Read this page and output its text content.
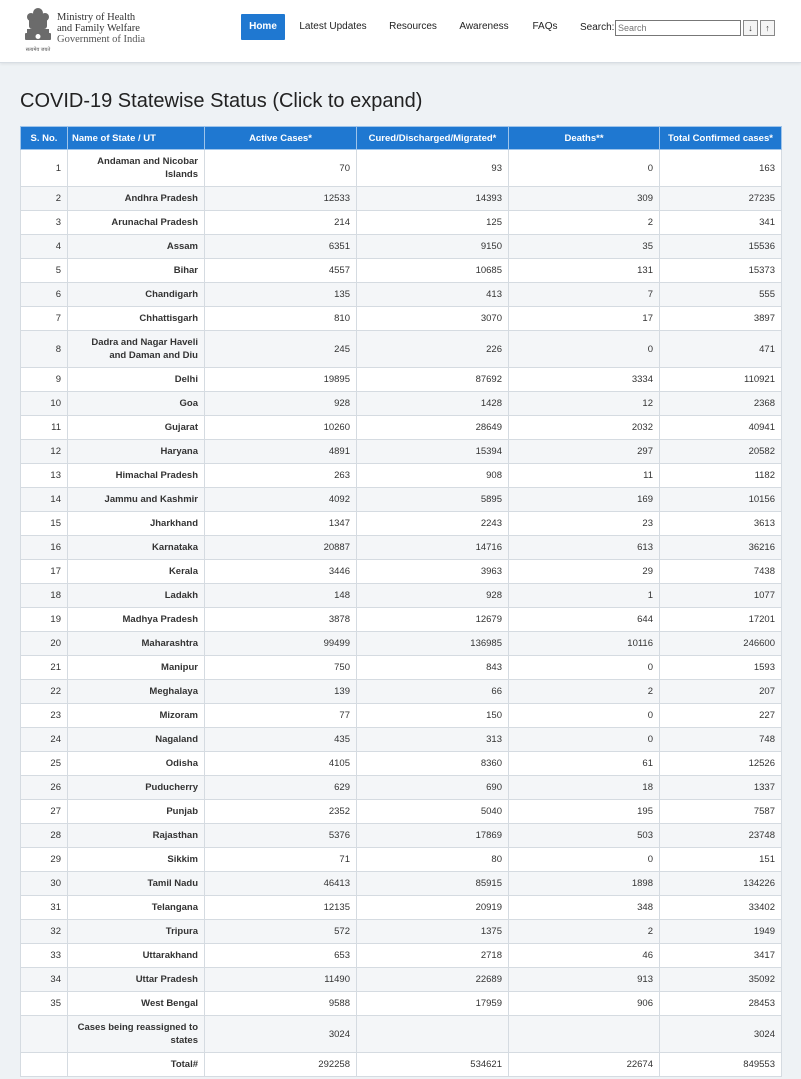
सत्यमेव जयते
Ministry of Health
and Family Welfare
Government of India
Home	Latest Updates	Resources	Awareness	FAQs	Search:
Search	↓	↑
COVID-19 Statewise Status (Click to expand)
S. No.	Name of State / UT	Active Cases*	Cured/Discharged/Migrated*	Deaths**	Total Confirmed cases*
1	Andaman and Nicobar Islands	70	93	0	163
2	Andhra Pradesh	12533	14393	309	27235
3	Arunachal Pradesh	214	125	2	341
4	Assam	6351	9150	35	15536
5	Bihar	4557	10685	131	15373
6	Chandigarh	135	413	7	555
7	Chhattisgarh	810	3070	17	3897
8	Dadra and Nagar Haveli and Daman and Diu	245	226	0	471
9	Delhi	19895	87692	3334	110921
10	Goa	928	1428	12	2368
11	Gujarat	10260	28649	2032	40941
12	Haryana	4891	15394	297	20582
13	Himachal Pradesh	263	908	11	1182
14	Jammu and Kashmir	4092	5895	169	10156
15	Jharkhand	1347	2243	23	3613
16	Karnataka	20887	14716	613	36216
17	Kerala	3446	3963	29	7438
18	Ladakh	148	928	1	1077
19	Madhya Pradesh	3878	12679	644	17201
20	Maharashtra	99499	136985	10116	246600
21	Manipur	750	843	0	1593
22	Meghalaya	139	66	2	207
23	Mizoram	77	150	0	227
24	Nagaland	435	313	0	748
25	Odisha	4105	8360	61	12526
26	Puducherry	629	690	18	1337
27	Punjab	2352	5040	195	7587
28	Rajasthan	5376	17869	503	23748
29	Sikkim	71	80	0	151
30	Tamil Nadu	46413	85915	1898	134226
31	Telangana	12135	20919	348	33402
32	Tripura	572	1375	2	1949
33	Uttarakhand	653	2718	46	3417
34	Uttar Pradesh	11490	22689	913	35092
35	West Bengal	9588	17959	906	28453
	Cases being reassigned to states	3024			3024
	Total#	292258	534621	22674	849553
